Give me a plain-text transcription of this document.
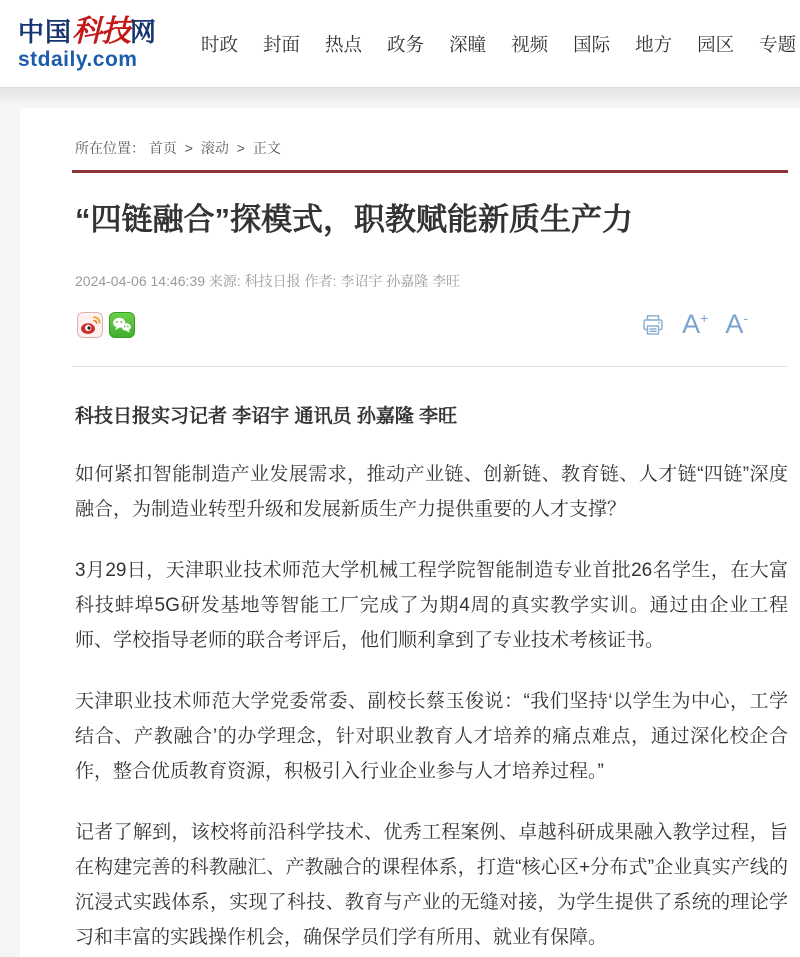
中国科技网
stdaily.com
时政 封面 热点 政务 深瞳 视频 国际 地方 园区 专题
所在位置： 首页 > 滚动 > 正文
“四链融合”探模式，职教赋能新质生产力
2024-04-06 14:46:39 来源: 科技日报 作者: 李诏宇 孙嘉隆 李旺
A+ A-

科技日报实习记者 李诏宇 通讯员 孙嘉隆 李旺

如何紧扣智能制造产业发展需求，推动产业链、创新链、教育链、人才链“四链”深度融合，为制造业转型升级和发展新质生产力提供重要的人才支撑？

3月29日，天津职业技术师范大学机械工程学院智能制造专业首批26名学生，在大富科技蚌埠5G研发基地等智能工厂完成了为期4周的真实教学实训。通过由企业工程师、学校指导老师的联合考评后，他们顺利拿到了专业技术考核证书。

天津职业技术师范大学党委常委、副校长蔡玉俊说：“我们坚持‘以学生为中心，工学结合、产教融合’的办学理念，针对职业教育人才培养的痛点难点，通过深化校企合作，整合优质教育资源，积极引入行业企业参与人才培养过程。”

记者了解到，该校将前沿科学技术、优秀工程案例、卓越科研成果融入教学过程，旨在构建完善的科教融汇、产教融合的课程体系，打造“核心区+分布式”企业真实产线的沉浸式实践体系，实现了科技、教育与产业的无缝对接，为学生提供了系统的理论学习和丰富的实践操作机会，确保学员们学有所用、就业有保障。
